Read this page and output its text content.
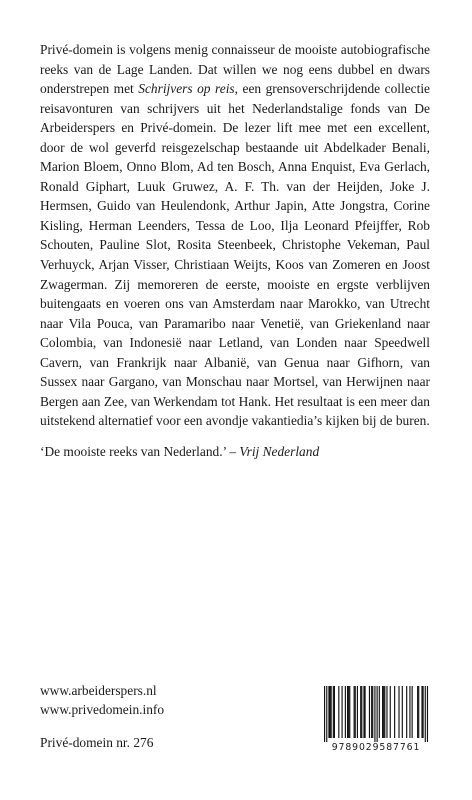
Privé-domein is volgens menig connaisseur de mooiste autobiografische reeks van de Lage Landen. Dat willen we nog eens dubbel en dwars onderstrepen met Schrijvers op reis, een grensoverschrijdende collectie reisavonturen van schrijvers uit het Nederlandstalige fonds van De Arbeiderspers en Privé-domein. De lezer lift mee met een excellent, door de wol geverfd reisgezelschap bestaande uit Abdelkader Benali, Marion Bloem, Onno Blom, Ad ten Bosch, Anna Enquist, Eva Gerlach, Ronald Giphart, Luuk Gruwez, A. F. Th. van der Heijden, Joke J. Hermsen, Guido van Heulendonk, Arthur Japin, Atte Jongstra, Corine Kisling, Herman Leenders, Tessa de Loo, Ilja Leonard Pfeijffer, Rob Schouten, Pauline Slot, Rosita Steenbeek, Christophe Vekeman, Paul Verhuyck, Arjan Visser, Christiaan Weijts, Koos van Zomeren en Joost Zwagerman. Zij memoreren de eerste, mooiste en ergste verblijven buitengaats en voeren ons van Amsterdam naar Marokko, van Utrecht naar Vila Pouca, van Paramaribo naar Venetië, van Griekenland naar Colombia, van Indonesië naar Letland, van Londen naar Speedwell Cavern, van Frankrijk naar Albanië, van Genua naar Gifhorn, van Sussex naar Gargano, van Monschau naar Mortsel, van Herwijnen naar Bergen aan Zee, van Werkendam tot Hank. Het resultaat is een meer dan uitstekend alternatief voor een avondje vakantiedia’s kijken bij de buren.

‘De mooiste reeks van Nederland.’ – Vrij Nederland

www.arbeiderspers.nl
www.privedomein.info
Privé-domein nr. 276	9789029587761
